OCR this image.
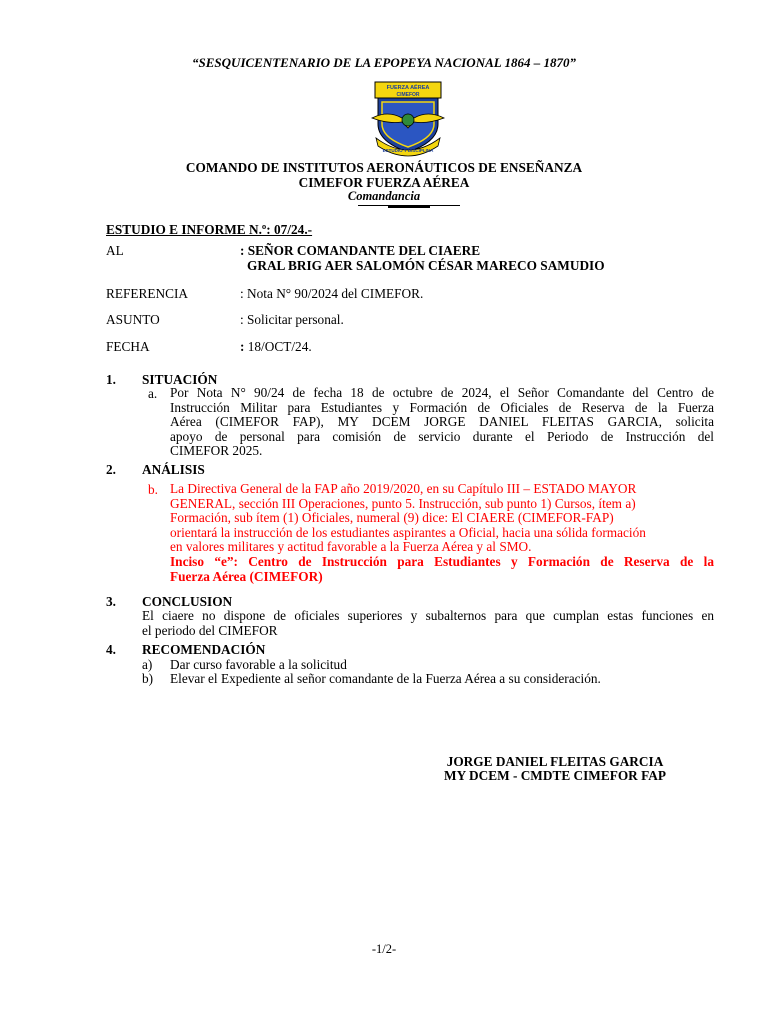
“SESQUICENTENARIO DE LA EPOPEYA NACIONAL 1864 – 1870”
FUERZA AÉREA
CIMEFOR
ESTUDIO Y DISCIPLINA
COMANDO DE INSTITUTOS AERONÁUTICOS DE ENSEÑANZA
CIMEFOR FUERZA AÉREA
Comandancia
ESTUDIO E INFORME N.º: 07/24.-
AL	: SEÑOR COMANDANTE DEL CIAERE
GRAL BRIG AER SALOMÓN CÉSAR MARECO SAMUDIO
REFERENCIA	: Nota N° 90/2024 del CIMEFOR.
ASUNTO	: Solicitar personal.
FECHA	: 18/OCT/24.
1. SITUACIÓN
a. Por Nota N° 90/24 de fecha 18 de octubre de 2024, el Señor Comandante del Centro de
Instrucción Militar para Estudiantes y Formación de Oficiales de Reserva de la Fuerza
Aérea (CIMEFOR FAP), MY DCEM JORGE DANIEL FLEITAS GARCIA, solicita
apoyo de personal para comisión de servicio durante el Periodo de Instrucción del
CIMEFOR 2025.
2. ANÁLISIS
b. La Directiva General de la FAP año 2019/2020, en su Capítulo III – ESTADO MAYOR
GENERAL, sección III Operaciones, punto 5. Instrucción, sub punto 1) Cursos, ítem a)
Formación, sub ítem (1) Oficiales, numeral (9) dice: El CIAERE (CIMEFOR-FAP)
orientará la instrucción de los estudiantes aspirantes a Oficial, hacia una sólida formación
en valores militares y actitud favorable a la Fuerza Aérea y al SMO.
Inciso “e”: Centro de Instrucción para Estudiantes y Formación de Reserva de la
Fuerza Aérea (CIMEFOR)
3. CONCLUSION
El ciaere no dispone de oficiales superiores y subalternos para que cumplan estas funciones en
el periodo del CIMEFOR
4. RECOMENDACIÓN
a) Dar curso favorable a la solicitud
b) Elevar el Expediente al señor comandante de la Fuerza Aérea a su consideración.
JORGE DANIEL FLEITAS GARCIA
MY DCEM - CMDTE CIMEFOR FAP
-1/2-
